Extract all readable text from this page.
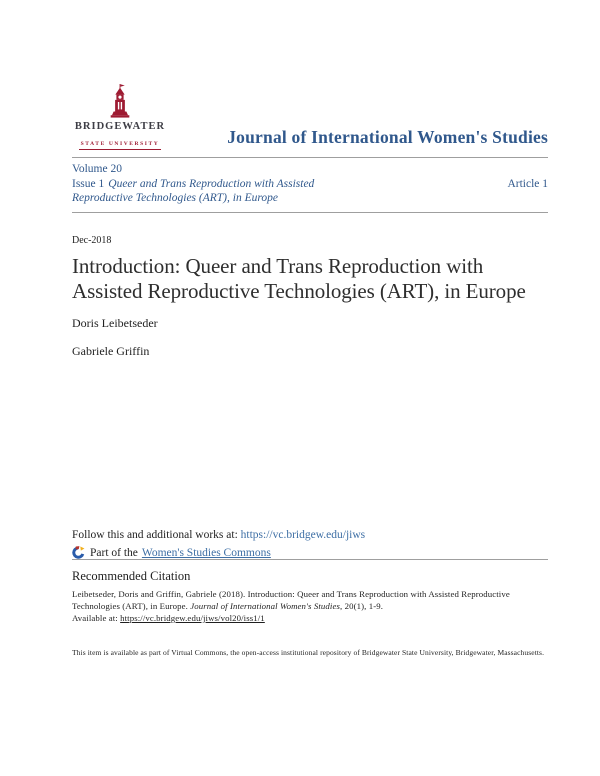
BRIDGEWATER
STATE UNIVERSITY	Journal of International Women's Studies
Volume 20
Issue 1 Queer and Trans Reproduction with Assisted Reproductive Technologies (ART), in Europe
Article 1
Dec-2018
Introduction: Queer and Trans Reproduction with Assisted Reproductive Technologies (ART), in Europe
Doris Leibetseder
Gabriele Griffin
Follow this and additional works at: https://vc.bridgew.edu/jiws
Part of the Women's Studies Commons
Recommended Citation

Leibetseder, Doris and Griffin, Gabriele (2018). Introduction: Queer and Trans Reproduction with Assisted Reproductive Technologies (ART), in Europe. Journal of International Women's Studies, 20(1), 1-9.
Available at: https://vc.bridgew.edu/jiws/vol20/iss1/1

This item is available as part of Virtual Commons, the open-access institutional repository of Bridgewater State University, Bridgewater, Massachusetts.
